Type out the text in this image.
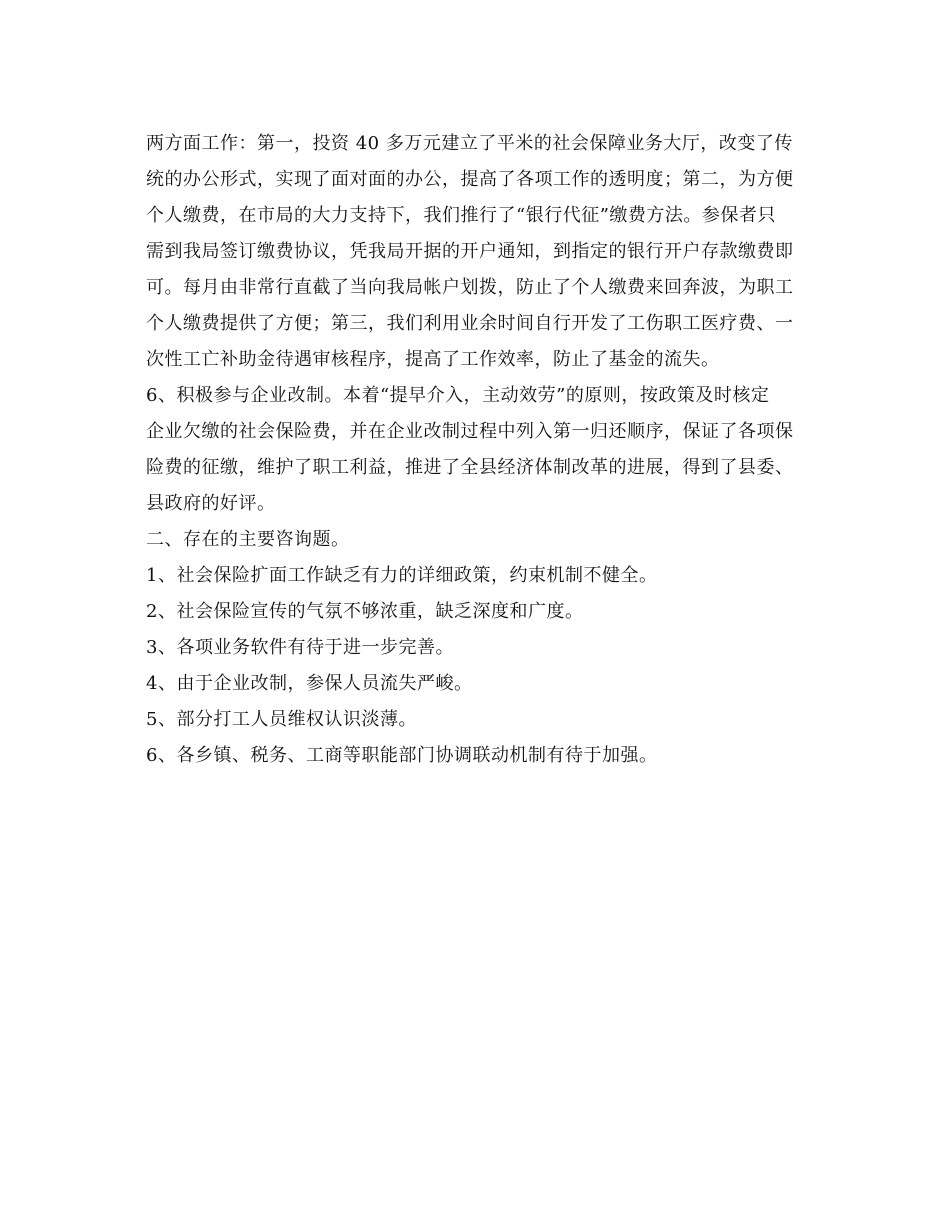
两方面工作：第一，投资 40 多万元建立了平米的社会保障业务大厅，改变了传
统的办公形式，实现了面对面的办公，提高了各项工作的透明度；第二，为方便
个人缴费，在市局的大力支持下，我们推行了“银行代征”缴费方法。参保者只
需到我局签订缴费协议，凭我局开据的开户通知，到指定的银行开户存款缴费即
可。每月由非常行直截了当向我局帐户划拨，防止了个人缴费来回奔波，为职工
个人缴费提供了方便；第三，我们利用业余时间自行开发了工伤职工医疗费、一
次性工亡补助金待遇审核程序，提高了工作效率，防止了基金的流失。
6、积极参与企业改制。本着“提早介入，主动效劳”的原则，按政策及时核定
企业欠缴的社会保险费，并在企业改制过程中列入第一归还顺序，保证了各项保
险费的征缴，维护了职工利益，推进了全县经济体制改革的进展，得到了县委、
县政府的好评。
二、存在的主要咨询题。
1、社会保险扩面工作缺乏有力的详细政策，约束机制不健全。
2、社会保险宣传的气氛不够浓重，缺乏深度和广度。
3、各项业务软件有待于进一步完善。
4、由于企业改制，参保人员流失严峻。
5、部分打工人员维权认识淡薄。
6、各乡镇、税务、工商等职能部门协调联动机制有待于加强。
